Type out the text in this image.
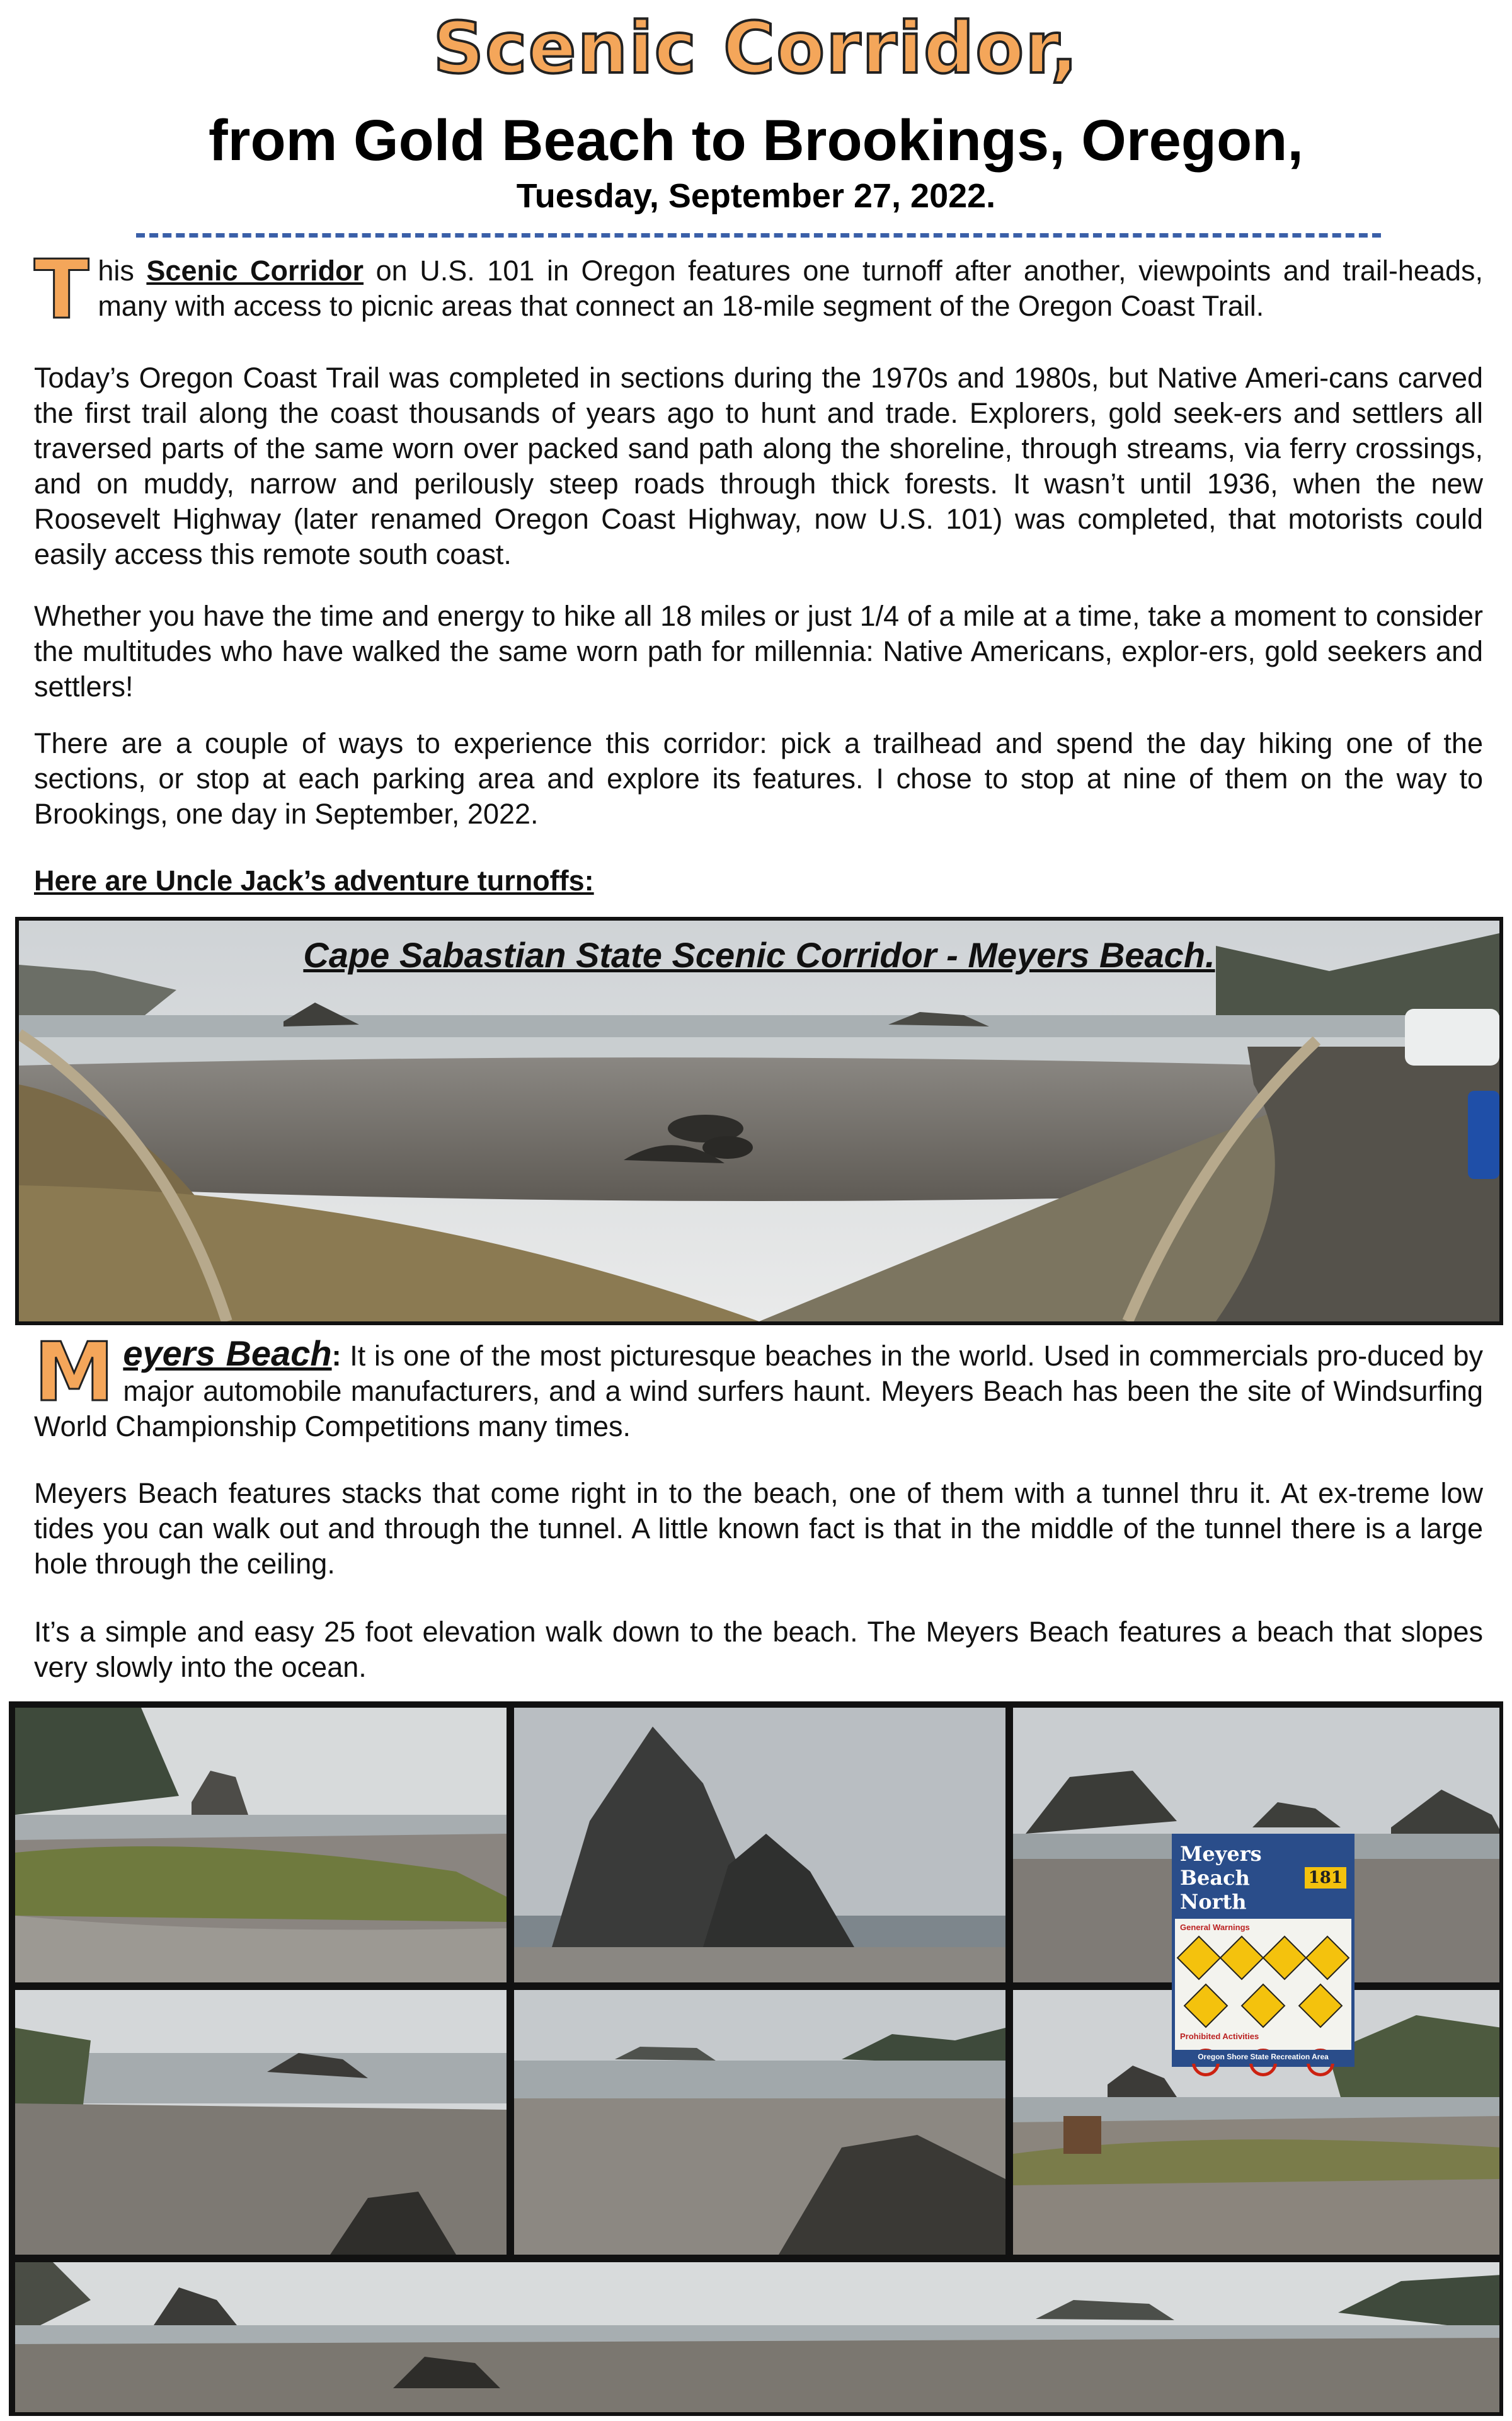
Scenic Corridor,
from Gold Beach to Brookings, Oregon,
Tuesday, September 27, 2022.

This Scenic Corridor on U.S. 101 in Oregon features one turnoff after another, viewpoints and trail-heads, many with access to picnic areas that connect an 18-mile segment of the Oregon Coast Trail.

Today’s Oregon Coast Trail was completed in sections during the 1970s and 1980s, but Native Ameri-cans carved the first trail along the coast thousands of years ago to hunt and trade. Explorers, gold seek-ers and settlers all traversed parts of the same worn over packed sand path along the shoreline, through streams, via ferry crossings, and on muddy, narrow and perilously steep roads through thick forests. It wasn’t until 1936, when the new Roosevelt Highway (later renamed Oregon Coast Highway, now U.S. 101) was completed, that motorists could easily access this remote south coast.

Whether you have the time and energy to hike all 18 miles or just 1/4 of a mile at a time, take a moment to consider the multitudes who have walked the same worn path for millennia: Native Americans, explor-ers, gold seekers and settlers!

There are a couple of ways to experience this corridor: pick a trailhead and spend the day hiking one of the sections, or stop at each parking area and explore its features. I chose to stop at nine of them on the way to Brookings, one day in September, 2022.

Here are Uncle Jack’s adventure turnoffs:
Cape Sabastian State Scenic Corridor - Meyers Beach.

Meyers Beach: It is one of the most picturesque beaches in the world. Used in commercials pro-duced by major automobile manufacturers, and a wind surfers haunt. Meyers Beach has been the site of Windsurfing World Championship Competitions many times.

Meyers Beach features stacks that come right in to the beach, one of them with a tunnel thru it. At ex-treme low tides you can walk out and through the tunnel. A little known fact is that in the middle of the tunnel there is a large hole through the ceiling.

It’s a simple and easy 25 foot elevation walk down to the beach. The Meyers Beach features a beach that slopes very slowly into the ocean.

Meyers Beach North
181
General Warnings
Prohibited Activities
Oregon Shore State Recreation Area
